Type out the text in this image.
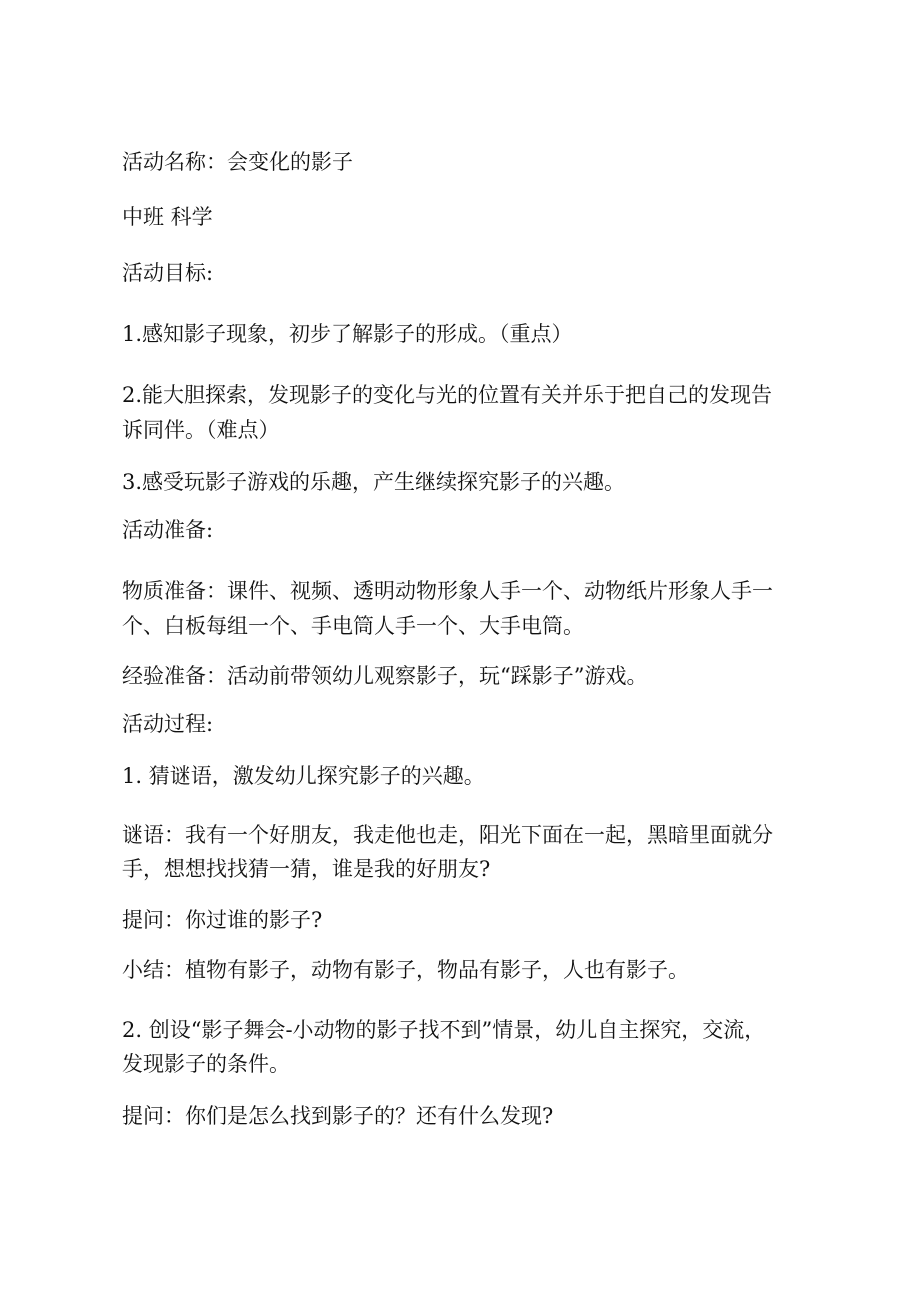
活动名称：会变化的影子
中班 科学
活动目标:
1.感知影子现象，初步了解影子的形成。（重点）
2.能大胆探索，发现影子的变化与光的位置有关并乐于把自己的发现告
诉同伴。（难点）
3.感受玩影子游戏的乐趣，产生继续探究影子的兴趣。
活动准备:
物质准备：课件、视频、透明动物形象人手一个、动物纸片形象人手一
个、白板每组一个、手电筒人手一个、大手电筒。
经验准备：活动前带领幼儿观察影子，玩“踩影子”游戏。
活动过程:
1. 猜谜语，激发幼儿探究影子的兴趣。
谜语：我有一个好朋友，我走他也走，阳光下面在一起，黑暗里面就分
手，想想找找猜一猜，谁是我的好朋友?
提问：你过谁的影子?
小结：植物有影子，动物有影子，物品有影子，人也有影子。
2. 创设“影子舞会-小动物的影子找不到”情景，幼儿自主探究，交流，
发现影子的条件。
提问：你们是怎么找到影子的？还有什么发现?
